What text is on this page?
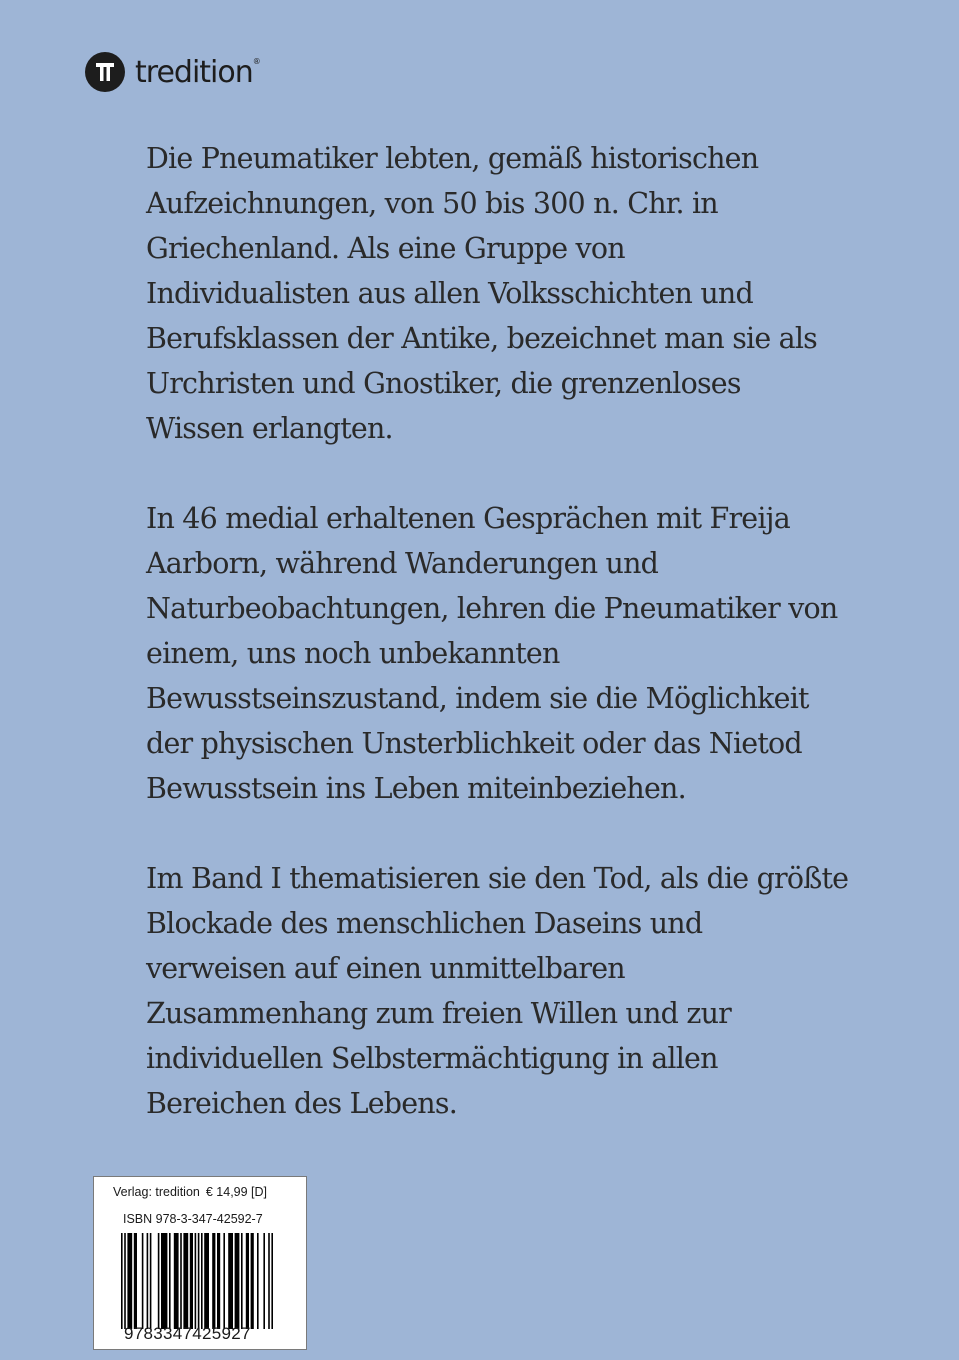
tredition®
Die Pneumatiker lebten, gemäß historischen
Aufzeichnungen, von 50 bis 300 n. Chr. in
Griechenland. Als eine Gruppe von
Individualisten aus allen Volksschichten und
Berufsklassen der Antike, bezeichnet man sie als
Urchristen und Gnostiker, die grenzenloses
Wissen erlangten.
In 46 medial erhaltenen Gesprächen mit Freija
Aarborn, während Wanderungen und
Naturbeobachtungen, lehren die Pneumatiker von
einem, uns noch unbekannten
Bewusstseinszustand, indem sie die Möglichkeit
der physischen Unsterblichkeit oder das Nietod
Bewusstsein ins Leben miteinbeziehen.
Im Band I thematisieren sie den Tod, als die größte
Blockade des menschlichen Daseins und
verweisen auf einen unmittelbaren
Zusammenhang zum freien Willen und zur
individuellen Selbstermächtigung in allen
Bereichen des Lebens.
Verlag: tredition € 14,99 [D]
ISBN 978-3-347-42592-7
9783347425927
